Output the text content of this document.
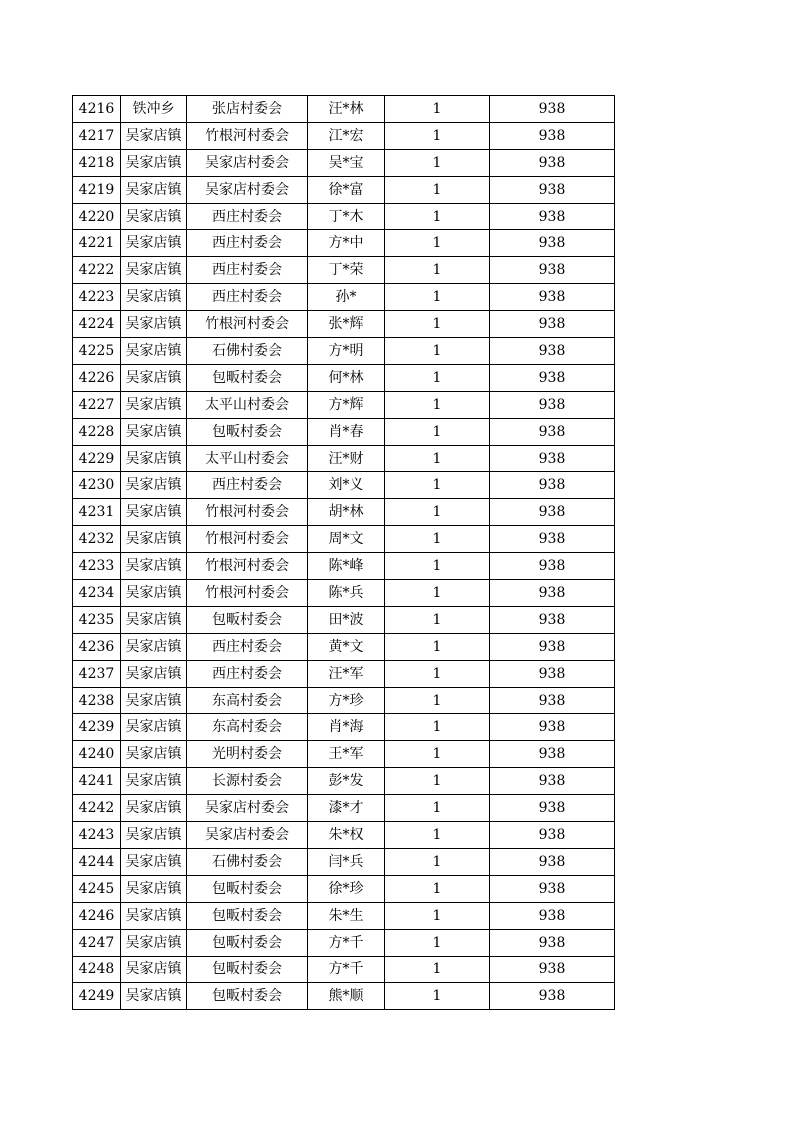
4216	铁冲乡	张店村委会	汪*林	1	938
4217	吴家店镇	竹根河村委会	江*宏	1	938
4218	吴家店镇	吴家店村委会	吴*宝	1	938
4219	吴家店镇	吴家店村委会	徐*富	1	938
4220	吴家店镇	西庄村委会	丁*木	1	938
4221	吴家店镇	西庄村委会	方*中	1	938
4222	吴家店镇	西庄村委会	丁*荣	1	938
4223	吴家店镇	西庄村委会	孙*	1	938
4224	吴家店镇	竹根河村委会	张*辉	1	938
4225	吴家店镇	石佛村委会	方*明	1	938
4226	吴家店镇	包畈村委会	何*林	1	938
4227	吴家店镇	太平山村委会	方*辉	1	938
4228	吴家店镇	包畈村委会	肖*春	1	938
4229	吴家店镇	太平山村委会	汪*财	1	938
4230	吴家店镇	西庄村委会	刘*义	1	938
4231	吴家店镇	竹根河村委会	胡*林	1	938
4232	吴家店镇	竹根河村委会	周*文	1	938
4233	吴家店镇	竹根河村委会	陈*峰	1	938
4234	吴家店镇	竹根河村委会	陈*兵	1	938
4235	吴家店镇	包畈村委会	田*波	1	938
4236	吴家店镇	西庄村委会	黄*文	1	938
4237	吴家店镇	西庄村委会	汪*军	1	938
4238	吴家店镇	东高村委会	方*珍	1	938
4239	吴家店镇	东高村委会	肖*海	1	938
4240	吴家店镇	光明村委会	王*军	1	938
4241	吴家店镇	长源村委会	彭*发	1	938
4242	吴家店镇	吴家店村委会	漆*才	1	938
4243	吴家店镇	吴家店村委会	朱*权	1	938
4244	吴家店镇	石佛村委会	闫*兵	1	938
4245	吴家店镇	包畈村委会	徐*珍	1	938
4246	吴家店镇	包畈村委会	朱*生	1	938
4247	吴家店镇	包畈村委会	方*千	1	938
4248	吴家店镇	包畈村委会	方*千	1	938
4249	吴家店镇	包畈村委会	熊*顺	1	938
